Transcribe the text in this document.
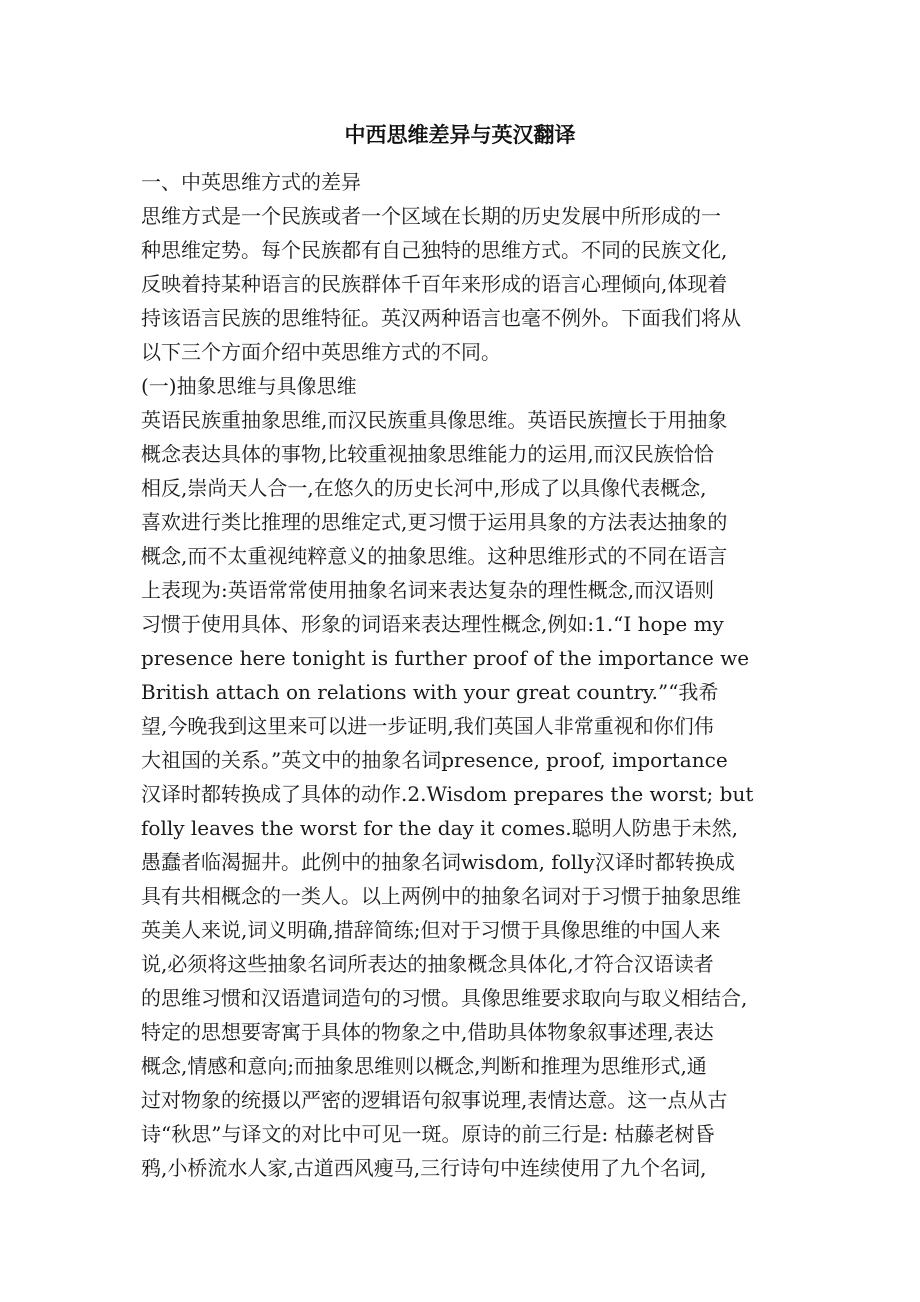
中西思维差异与英汉翻译
一、中英思维方式的差异
思维方式是一个民族或者一个区域在长期的历史发展中所形成的一
种思维定势。每个民族都有自己独特的思维方式。不同的民族文化,
反映着持某种语言的民族群体千百年来形成的语言心理倾向,体现着
持该语言民族的思维特征。英汉两种语言也毫不例外。下面我们将从
以下三个方面介绍中英思维方式的不同。
(一)抽象思维与具像思维
英语民族重抽象思维,而汉民族重具像思维。英语民族擅长于用抽象
概念表达具体的事物,比较重视抽象思维能力的运用,而汉民族恰恰
相反,崇尚天人合一,在悠久的历史长河中,形成了以具像代表概念,
喜欢进行类比推理的思维定式,更习惯于运用具象的方法表达抽象的
概念,而不太重视纯粹意义的抽象思维。这种思维形式的不同在语言
上表现为:英语常常使用抽象名词来表达复杂的理性概念,而汉语则
习惯于使用具体、形象的词语来表达理性概念,例如:1.“I hope my
presence here tonight is further proof of the importance we
British attach on relations with your great country.”“我希
望,今晚我到这里来可以进一步证明,我们英国人非常重视和你们伟
大祖国的关系。”英文中的抽象名词presence, proof, importance
汉译时都转换成了具体的动作.2.Wisdom prepares the worst; but
folly leaves the worst for the day it comes.聪明人防患于未然,
愚蠢者临渴掘井。此例中的抽象名词wisdom, folly汉译时都转换成
具有共相概念的一类人。以上两例中的抽象名词对于习惯于抽象思维
英美人来说,词义明确,措辞简练;但对于习惯于具像思维的中国人来
说,必须将这些抽象名词所表达的抽象概念具体化,才符合汉语读者
的思维习惯和汉语遣词造句的习惯。具像思维要求取向与取义相结合,
特定的思想要寄寓于具体的物象之中,借助具体物象叙事述理,表达
概念,情感和意向;而抽象思维则以概念,判断和推理为思维形式,通
过对物象的统摄以严密的逻辑语句叙事说理,表情达意。这一点从古
诗“秋思”与译文的对比中可见一斑。原诗的前三行是: 枯藤老树昏
鸦,小桥流水人家,古道西风瘦马,三行诗句中连续使用了九个名词,
